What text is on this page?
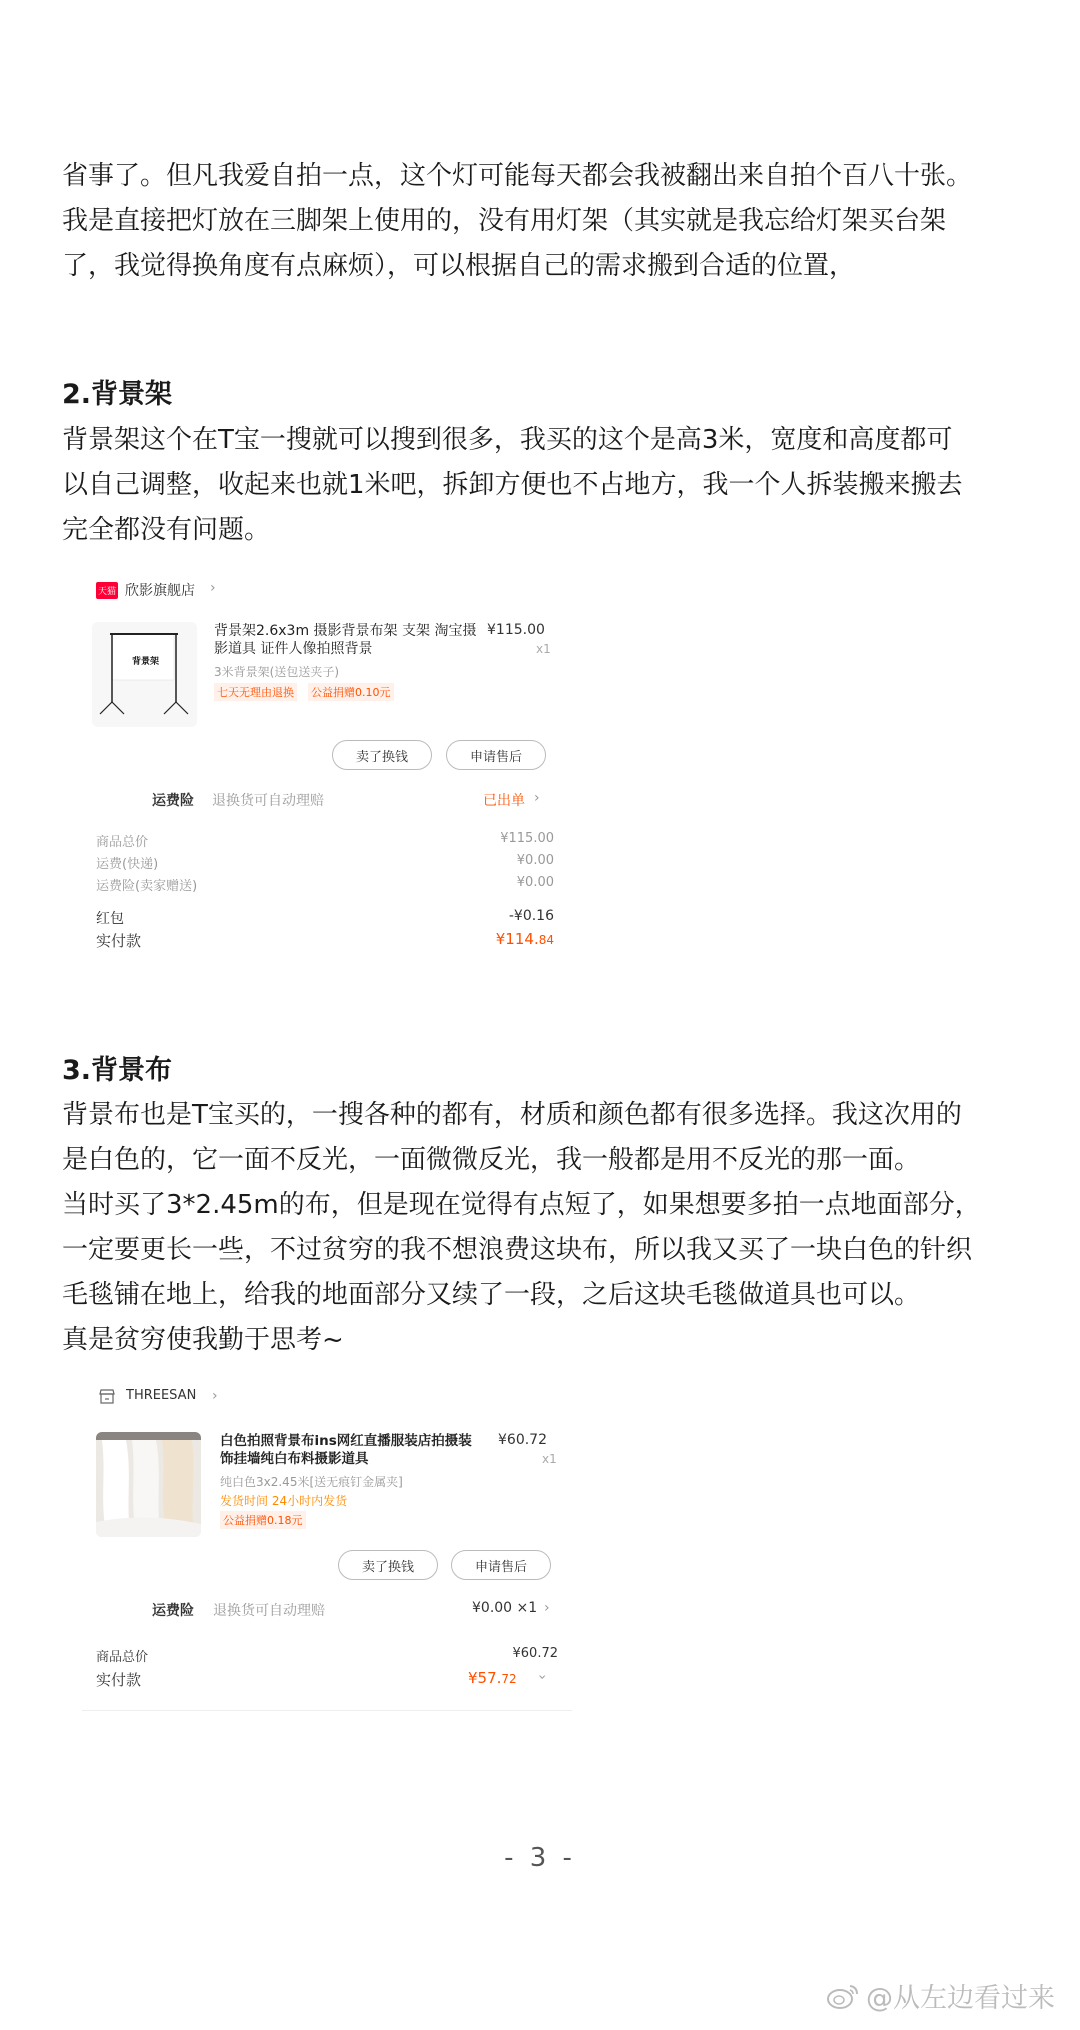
省事了。但凡我爱自拍一点，这个灯可能每天都会我被翻出来自拍个百八十张。
我是直接把灯放在三脚架上使用的，没有用灯架（其实就是我忘给灯架买台架
了，我觉得换角度有点麻烦），可以根据自己的需求搬到合适的位置，
2.背景架
背景架这个在T宝一搜就可以搜到很多，我买的这个是高3米，宽度和高度都可
以自己调整，收起来也就1米吧，拆卸方便也不占地方，我一个人拆装搬来搬去
完全都没有问题。
天猫 欣影旗舰店 ›
背景架
背景架2.6x3m 摄影背景布架 支架 淘宝摄影道具 证件人像拍照背景
¥115.00
x1
3米背景架(送包送夹子)
七天无理由退换 公益捐赠0.10元
卖了换钱	申请售后
运费险 退换货可自动理赔	已出单 ›
商品总价	¥115.00
运费(快递)	¥0.00
运费险(卖家赠送)	¥0.00
红包	-¥0.16
实付款	¥114.84
3.背景布
背景布也是T宝买的，一搜各种的都有，材质和颜色都有很多选择。我这次用的
是白色的，它一面不反光，一面微微反光，我一般都是用不反光的那一面。
当时买了3*2.45m的布，但是现在觉得有点短了，如果想要多拍一点地面部分，
一定要更长一些，不过贫穷的我不想浪费这块布，所以我又买了一块白色的针织
毛毯铺在地上，给我的地面部分又续了一段，之后这块毛毯做道具也可以。
真是贫穷使我勤于思考~
THREESAN ›
白色拍照背景布ins网红直播服装店拍摄装饰挂墙纯白布料摄影道具
¥60.72
x1
纯白色3x2.45米[送无痕钉金属夹]
发货时间 24小时内发货
公益捐赠0.18元
卖了换钱	申请售后
运费险 退换货可自动理赔	¥0.00 ×1 ›
商品总价	¥60.72
实付款	¥57.72 ›
- 3 -
@从左边看过来
